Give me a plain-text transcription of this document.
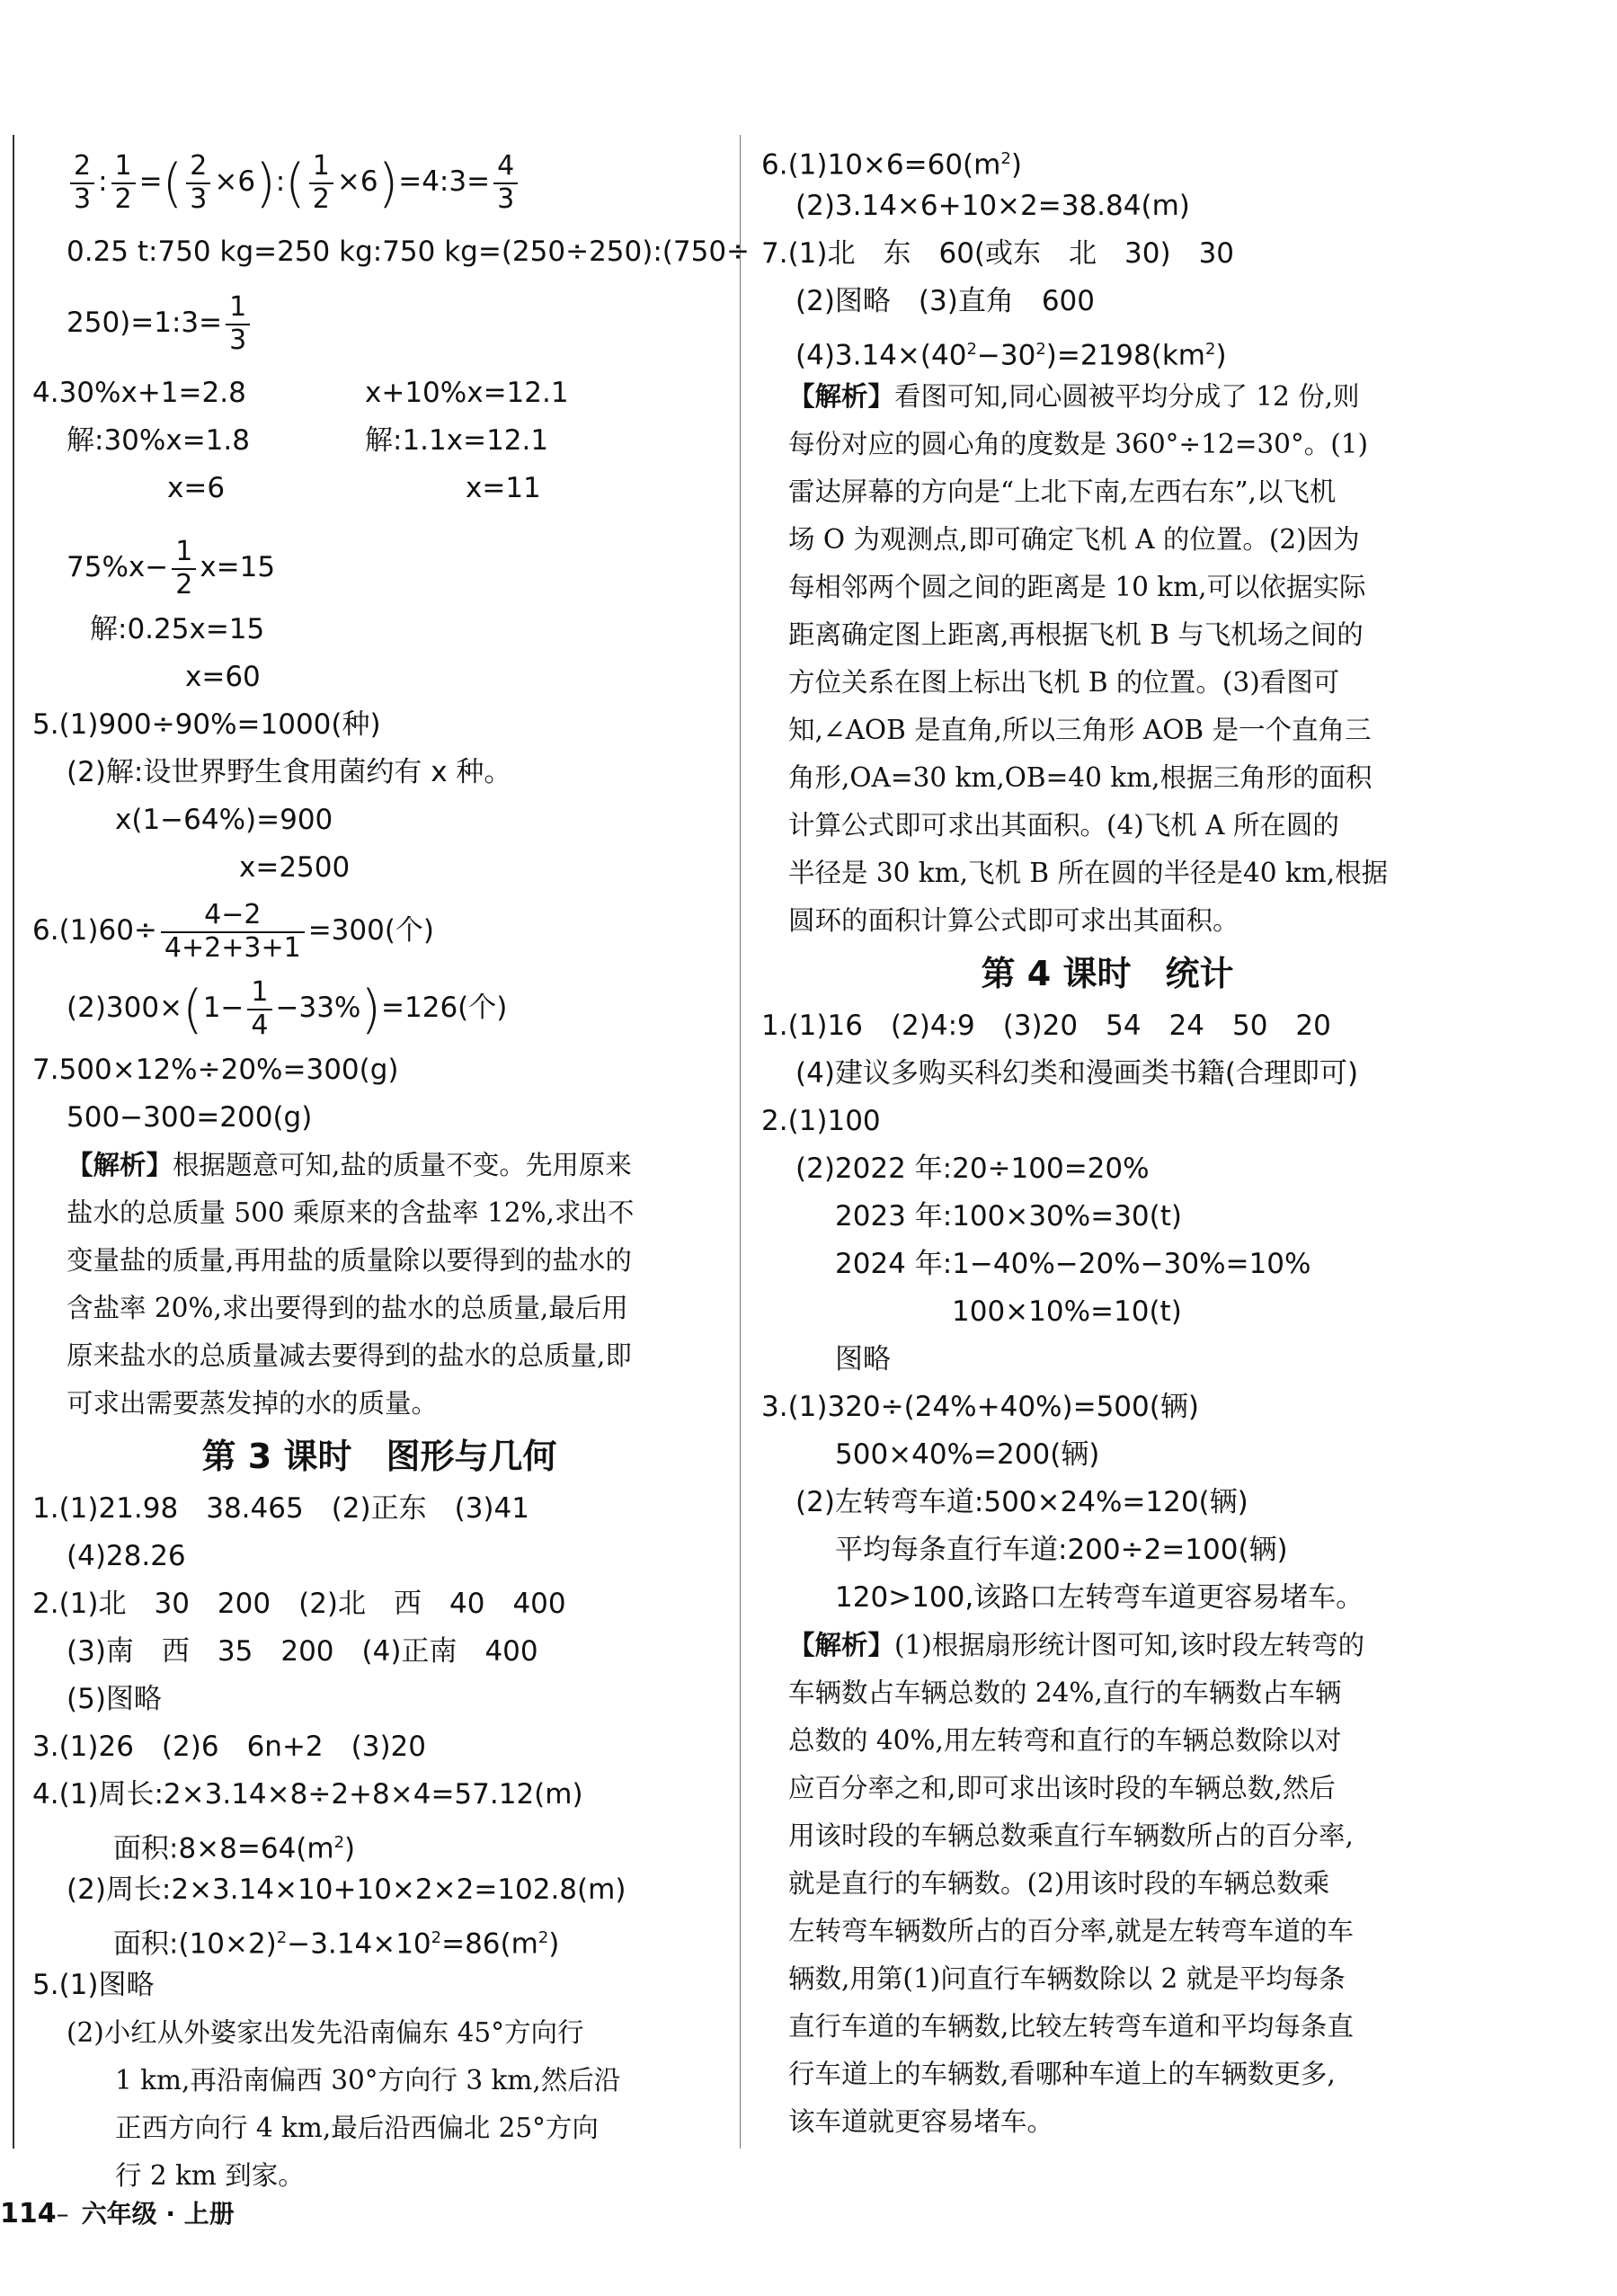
$\frac{2}{3}$ : $\frac{1}{2}$ =( $\frac{2}{3}$ ×6):( $\frac{1}{2}$ ×6)=4:3= $\frac{4}{3}$
0.25 t:750 kg=250 kg:750 kg=(250÷250):(750÷
250)=1:3= $\frac{1}{3}$
4.30%x+1=2.8	x+10%x=12.1
解:30%x=1.8	解:1.1x=12.1
x=6	x=11
$75\%x- \frac{1}{2} x=15$
解:0.25x=15
x=60
5.(1)900÷90%=1000(种)
(2)解:设世界野生食用菌约有 x 种。
x(1−64%)=900
x=2500
$6.(1)60\div \frac{4-2}{4+2+3+1} =300$(个)
$(2)300\times(1- \frac{1}{4} -33\%)=126$(个)
7.500×12%÷20%=300(g)
500−300=200(g)
【解析】根据题意可知,盐的质量不变。先用原来
盐水的总质量 500 乘原来的含盐率 12%,求出不
变量盐的质量,再用盐的质量除以要得到的盐水的
含盐率 20%,求出要得到的盐水的总质量,最后用
原来盐水的总质量减去要得到的盐水的总质量,即
可求出需要蒸发掉的水的质量。
第 3 课时　图形与几何
1.(1)21.98　38.465　(2)正东　(3)41
(4)28.26
2.(1)北　30　200　(2)北　西　40　400
(3)南　西　35　200　(4)正南　400
(5)图略
3.(1)26　(2)6　6n+2　(3)20
4.(1)周长:2×3.14×8÷2+8×4=57.12(m)
面积$:8\times 8=64(m^2)$
(2)周长:2×3.14×10+10×2×2=102.8(m)
面积$:(10\times 2)^2-3.14\times 10^2=86(m^2)$
5.(1)图略
(2)小红从外婆家出发先沿南偏东 45°方向行
1 km,再沿南偏西 30°方向行 3 km,然后沿
正西方向行 4 km,最后沿西偏北 25°方向
行 2 km 到家。
$6.(1)10\times 6=60(m^2)$
(2)3.14×6+10×2=38.84(m)
7.(1)北　东　60(或东　北　30)　30
(2)图略　(3)直角　600
$(4)3.14\times(40^2-30^2)=2198(km^2)$
【解析】看图可知,同心圆被平均分成了 12 份,则
每份对应的圆心角的度数是 360°÷12=30°。(1)
雷达屏幕的方向是“上北下南,左西右东”,以飞机
场 O 为观测点,即可确定飞机 A 的位置。(2)因为
每相邻两个圆之间的距离是 10 km,可以依据实际
距离确定图上距离,再根据飞机 B 与飞机场之间的
方位关系在图上标出飞机 B 的位置。(3)看图可
知,∠AOB 是直角,所以三角形 AOB 是一个直角三
角形,OA=30 km,OB=40 km,根据三角形的面积
计算公式即可求出其面积。(4)飞机 A 所在圆的
半径是 30 km,飞机 B 所在圆的半径是40 km,根据
圆环的面积计算公式即可求出其面积。
第 4 课时　统计
1.(1)16　(2)4:9　(3)20　54　24　50　20
(4)建议多购买科幻类和漫画类书籍(合理即可)
2.(1)100
(2)2022 年:20÷100=20%
2023 年:100×30%=30(t)
2024 年:1−40%−20%−30%=10%
100×10%=10(t)
图略
3.(1)320÷(24%+40%)=500(辆)
500×40%=200(辆)
(2)左转弯车道:500×24%=120(辆)
平均每条直行车道:200÷2=100(辆)
120>100,该路口左转弯车道更容易堵车。
【解析】(1)根据扇形统计图可知,该时段左转弯的
车辆数占车辆总数的 24%,直行的车辆数占车辆
总数的 40%,用左转弯和直行的车辆总数除以对
应百分率之和,即可求出该时段的车辆总数,然后
用该时段的车辆总数乘直行车辆数所占的百分率,
就是直行的车辆数。(2)用该时段的车辆总数乘
左转弯车辆数所占的百分率,就是左转弯车道的车
辆数,用第(1)问直行车辆数除以 2 就是平均每条
直行车道的车辆数,比较左转弯车道和平均每条直
行车道上的车辆数,看哪种车道上的车辆数更多,
该车道就更容易堵车。
114– 六年级 · 上册
